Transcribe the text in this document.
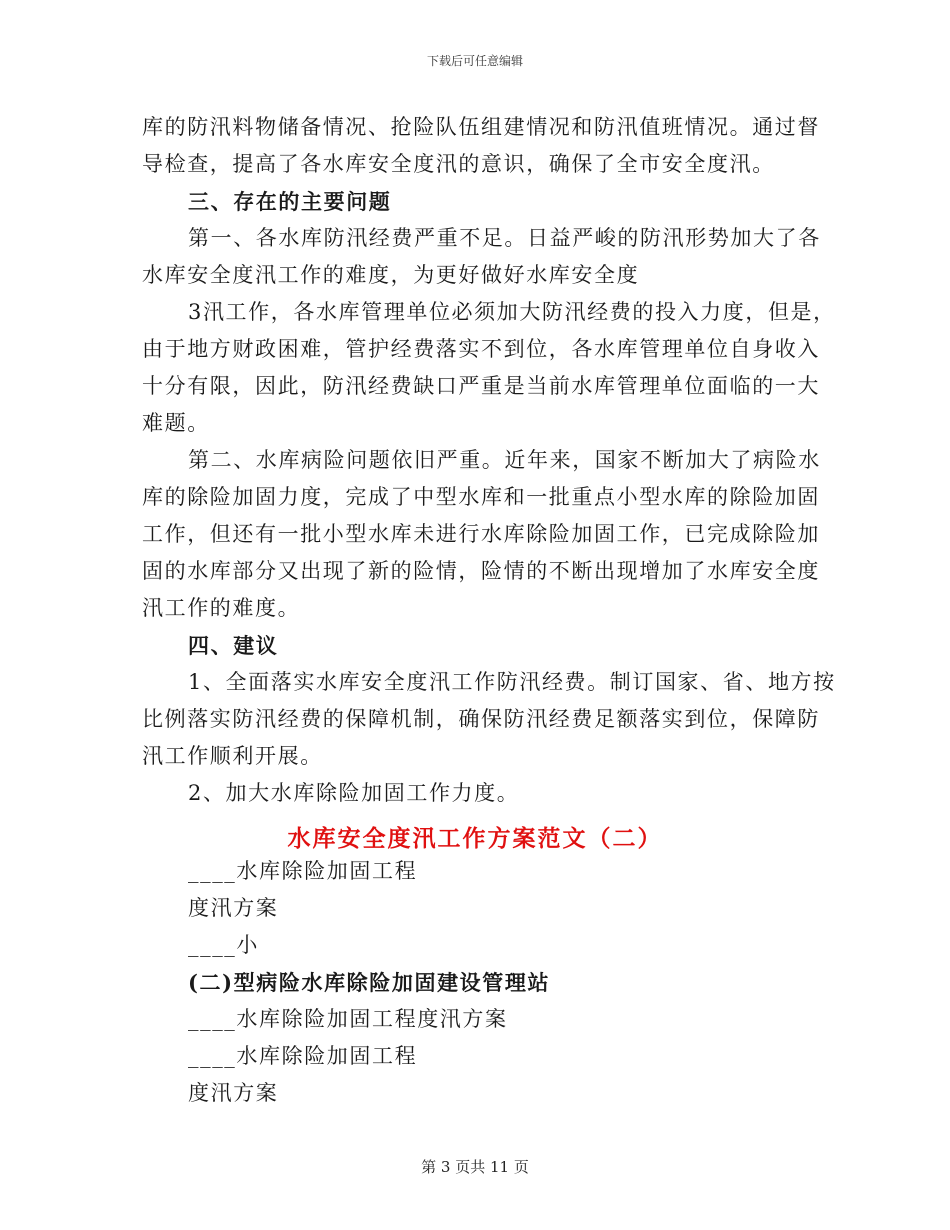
下载后可任意编辑
库的防汛料物储备情况、抢险队伍组建情况和防汛值班情况。通过督
导检查，提高了各水库安全度汛的意识，确保了全市安全度汛。
三、存在的主要问题
第一、各水库防汛经费严重不足。日益严峻的防汛形势加大了各
水库安全度汛工作的难度，为更好做好水库安全度
3汛工作，各水库管理单位必须加大防汛经费的投入力度，但是，
由于地方财政困难，管护经费落实不到位，各水库管理单位自身收入
十分有限，因此，防汛经费缺口严重是当前水库管理单位面临的一大
难题。
第二、水库病险问题依旧严重。近年来，国家不断加大了病险水
库的除险加固力度，完成了中型水库和一批重点小型水库的除险加固
工作，但还有一批小型水库未进行水库除险加固工作，已完成除险加
固的水库部分又出现了新的险情，险情的不断出现增加了水库安全度
汛工作的难度。
四、建议
1、全面落实水库安全度汛工作防汛经费。制订国家、省、地方按
比例落实防汛经费的保障机制，确保防汛经费足额落实到位，保障防
汛工作顺利开展。
2、加大水库除险加固工作力度。
水库安全度汛工作方案范文（二）
____水库除险加固工程
度汛方案
____小
(二)型病险水库除险加固建设管理站
____水库除险加固工程度汛方案
____水库除险加固工程
度汛方案
第 3 页共 11 页
